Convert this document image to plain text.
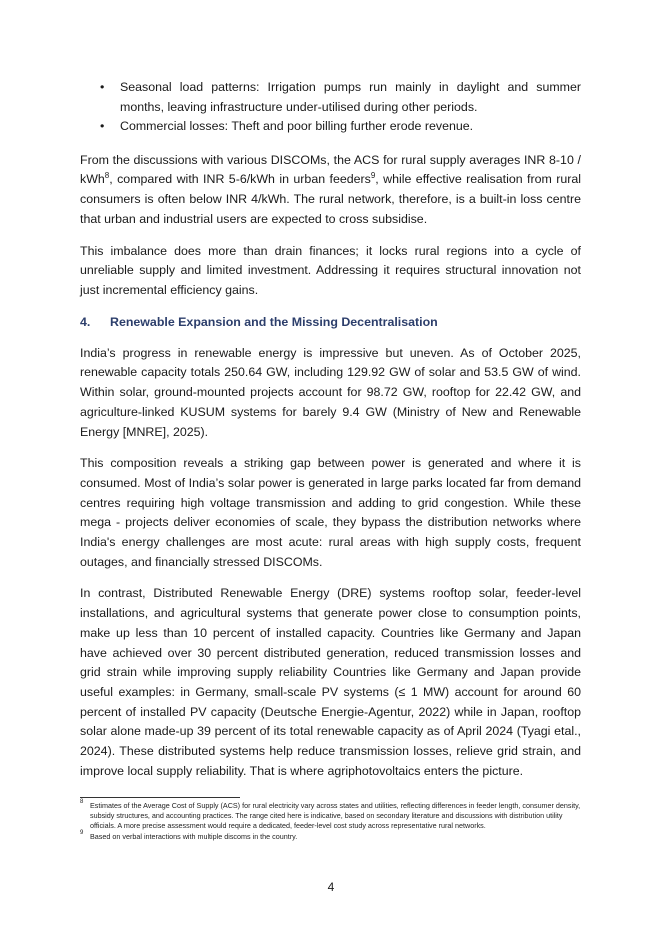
• Seasonal load patterns: Irrigation pumps run mainly in daylight and summer months, leaving infrastructure under-utilised during other periods.
• Commercial losses: Theft and poor billing further erode revenue.

From the discussions with various DISCOMs, the ACS for rural supply averages INR 8-10 / kWh$^8$, compared with INR 5-6/kWh in urban feeders$^9$, while effective realisation from rural consumers is often below INR 4/kWh. The rural network, therefore, is a built-in loss centre that urban and industrial users are expected to cross subsidise.

This imbalance does more than drain finances; it locks rural regions into a cycle of unreliable supply and limited investment. Addressing it requires structural innovation not just incremental efficiency gains.

4. Renewable Expansion and the Missing Decentralisation

India’s progress in renewable energy is impressive but uneven. As of October 2025, renewable capacity totals 250.64 GW, including 129.92 GW of solar and 53.5 GW of wind. Within solar, ground-mounted projects account for 98.72 GW, rooftop for 22.42 GW, and agriculture-linked KUSUM systems for barely 9.4 GW (Ministry of New and Renewable Energy [MNRE], 2025).

This composition reveals a striking gap between power is generated and where it is consumed. Most of India’s solar power is generated in large parks located far from demand centres requiring high voltage transmission and adding to grid congestion. While these mega - projects deliver economies of scale, they bypass the distribution networks where India's energy challenges are most acute: rural areas with high supply costs, frequent outages, and financially stressed DISCOMs.

In contrast, Distributed Renewable Energy (DRE) systems rooftop solar, feeder-level installations, and agricultural systems that generate power close to consumption points, make up less than 10 percent of installed capacity. Countries like Germany and Japan have achieved over 30 percent distributed generation, reduced transmission losses and grid strain while improving supply reliability Countries like Germany and Japan provide useful examples: in Germany, small-scale PV systems (≤ 1 MW) account for around 60 percent of installed PV capacity (Deutsche Energie-Agentur, 2022) while in Japan, rooftop solar alone made-up 39 percent of its total renewable capacity as of April 2024 (Tyagi etal., 2024). These distributed systems help reduce transmission losses, relieve grid strain, and improve local supply reliability. That is where agriphotovoltaics enters the picture.

8 Estimates of the Average Cost of Supply (ACS) for rural electricity vary across states and utilities, reflecting differences in feeder length, consumer density, subsidy structures, and accounting practices. The range cited here is indicative, based on secondary literature and discussions with distribution utility officials. A more precise assessment would require a dedicated, feeder-level cost study across representative rural networks.

9 Based on verbal interactions with multiple discoms in the country.

4
